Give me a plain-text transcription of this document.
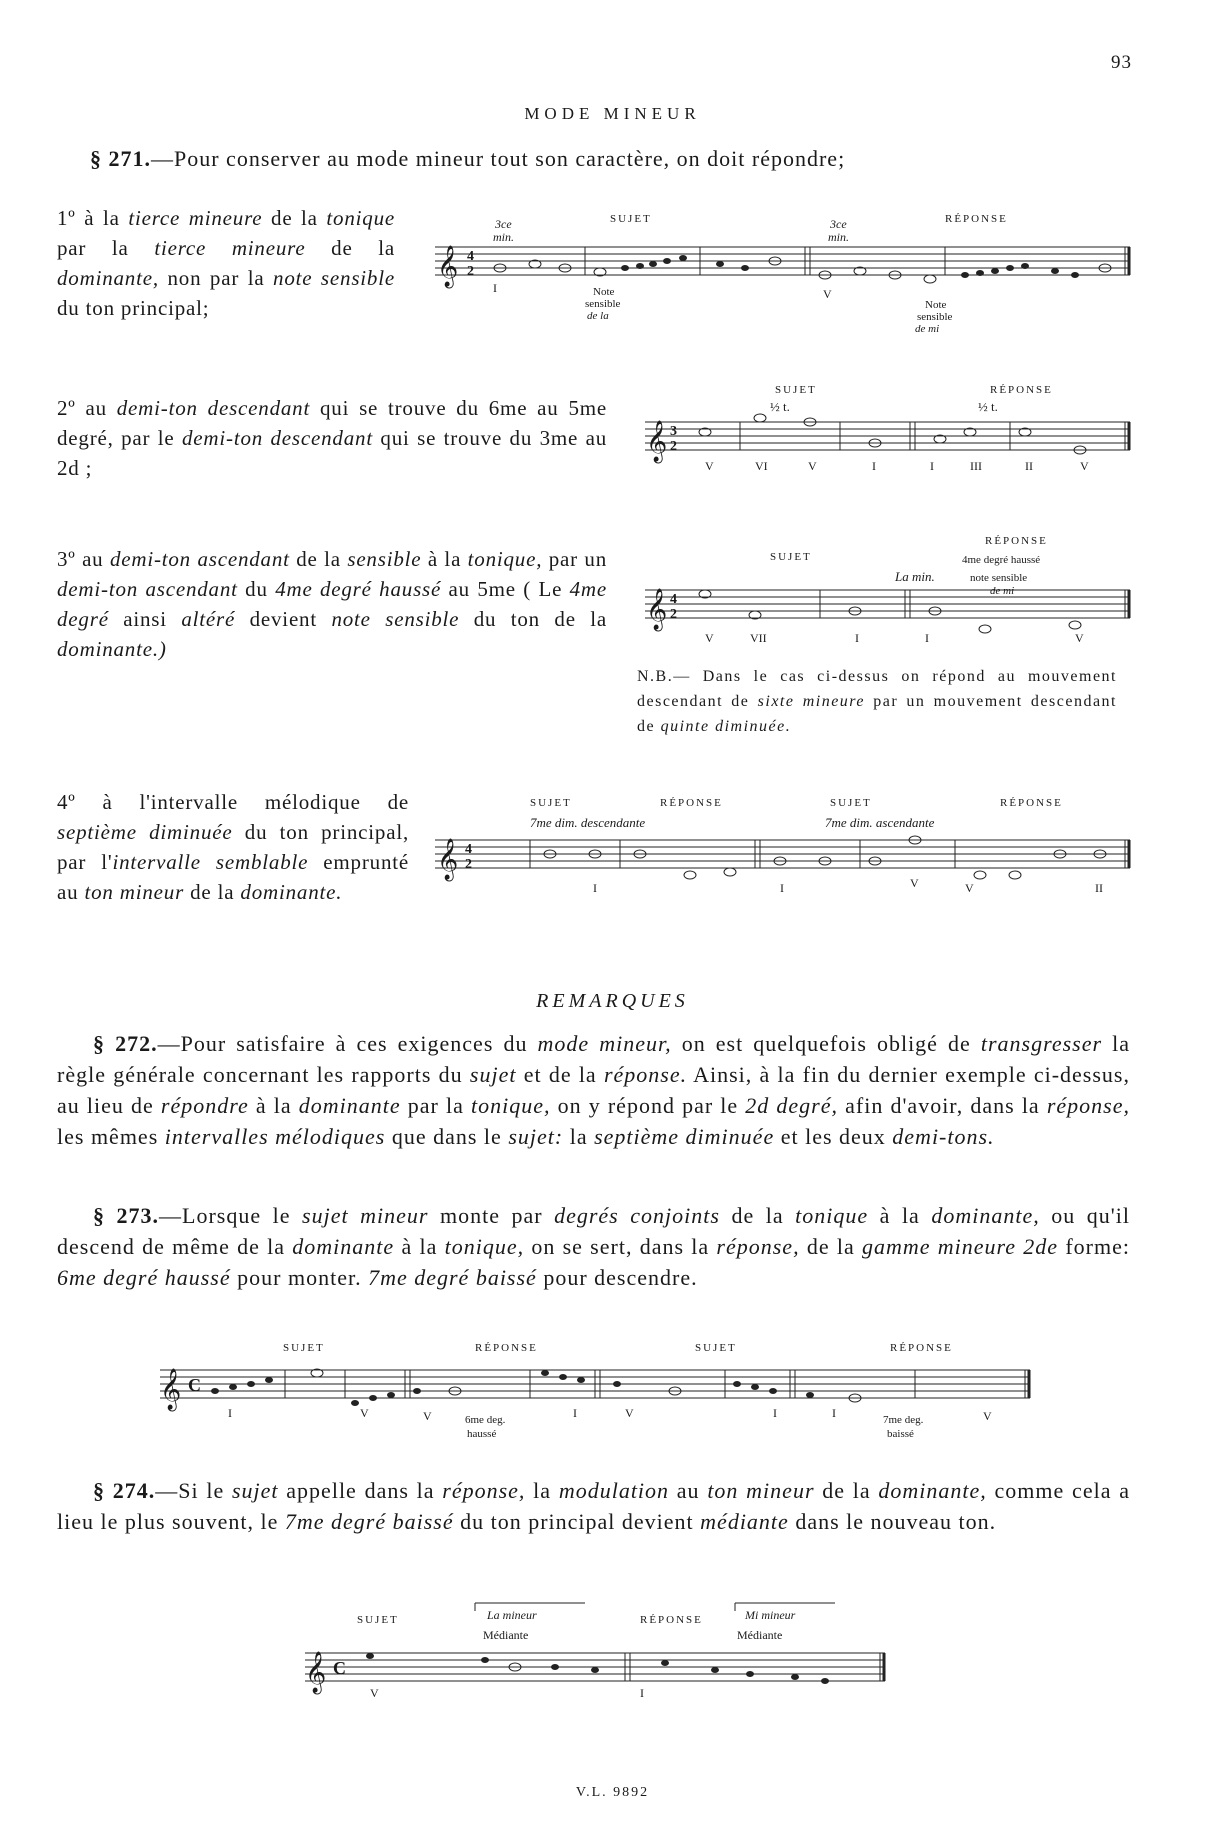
93
MODE MINEUR
§ 271.—Pour conserver au mode mineur tout son caractère, on doit répondre;
1º à la tierce mineure de la tonique par la tierce mineure de la dominante, non par la note sensible du ton principal;
2º au demi-ton descendant qui se trouve du 6me au 5me degré, par le demi-ton descendant qui se trouve du 3me au 2d ;
3º au demi-ton ascendant de la sensible à la tonique, par un demi-ton ascendant du 4me degré haussé au 5me ( Le 4me degré ainsi altéré devient note sensible du ton de la dominante.)
N.B.— Dans le cas ci-dessus on répond au mouvement descendant de sixte mineure par un mouvement descendant de quinte diminuée.
4º à l'intervalle mélodique de septième diminuée du ton principal, par l'intervalle semblable emprunté au ton mineur de la dominante.
REMARQUES
§ 272.—Pour satisfaire à ces exigences du mode mineur, on est quelquefois obligé de transgresser la règle générale concernant les rapports du sujet et de la réponse. Ainsi, à la fin du dernier exemple ci-dessus, au lieu de répondre à la dominante par la tonique, on y répond par le 2d degré, afin d'avoir, dans la réponse, les mêmes intervalles mélodiques que dans le sujet: la septième diminuée et les deux demi-tons.
§ 273.—Lorsque le sujet mineur monte par degrés conjoints de la tonique à la dominante, ou qu'il descend de même de la dominante à la tonique, on se sert, dans la réponse, de la gamme mineure 2de forme: 6me degré haussé pour monter. 7me degré baissé pour descendre.
§ 274.—Si le sujet appelle dans la réponse, la modulation au ton mineur de la dominante, comme cela a lieu le plus souvent, le 7me degré baissé du ton principal devient médiante dans le nouveau ton.
𝄞 4
2
SUJET	RÉPONSE
3ce
min.
3ce
min.
I	V
Note
sensible
de la
Note
sensible
de mi
𝄞 3
2
SUJET	RÉPONSE
½ t.	½ t.
V	VI	V	I	I	III	II	V
𝄞 4
2
SUJET
RÉPONSE
4me degré haussé
La min.	note sensible
de mi
V	VII	I	I	V
𝄞 4
2
SUJET	RÉPONSE	SUJET	RÉPONSE
7me dim. descendante	7me dim. ascendante
I	I	V	V	II
𝄞 C
SUJET	RÉPONSE	SUJET	RÉPONSE
6me deg.
haussé
7me deg.
baissé
I	V	V	I	V	I	I	V
𝄞 C
SUJET	RÉPONSE
La mineur	Mi mineur
Médiante	Médiante
V	I
V.L. 9892
